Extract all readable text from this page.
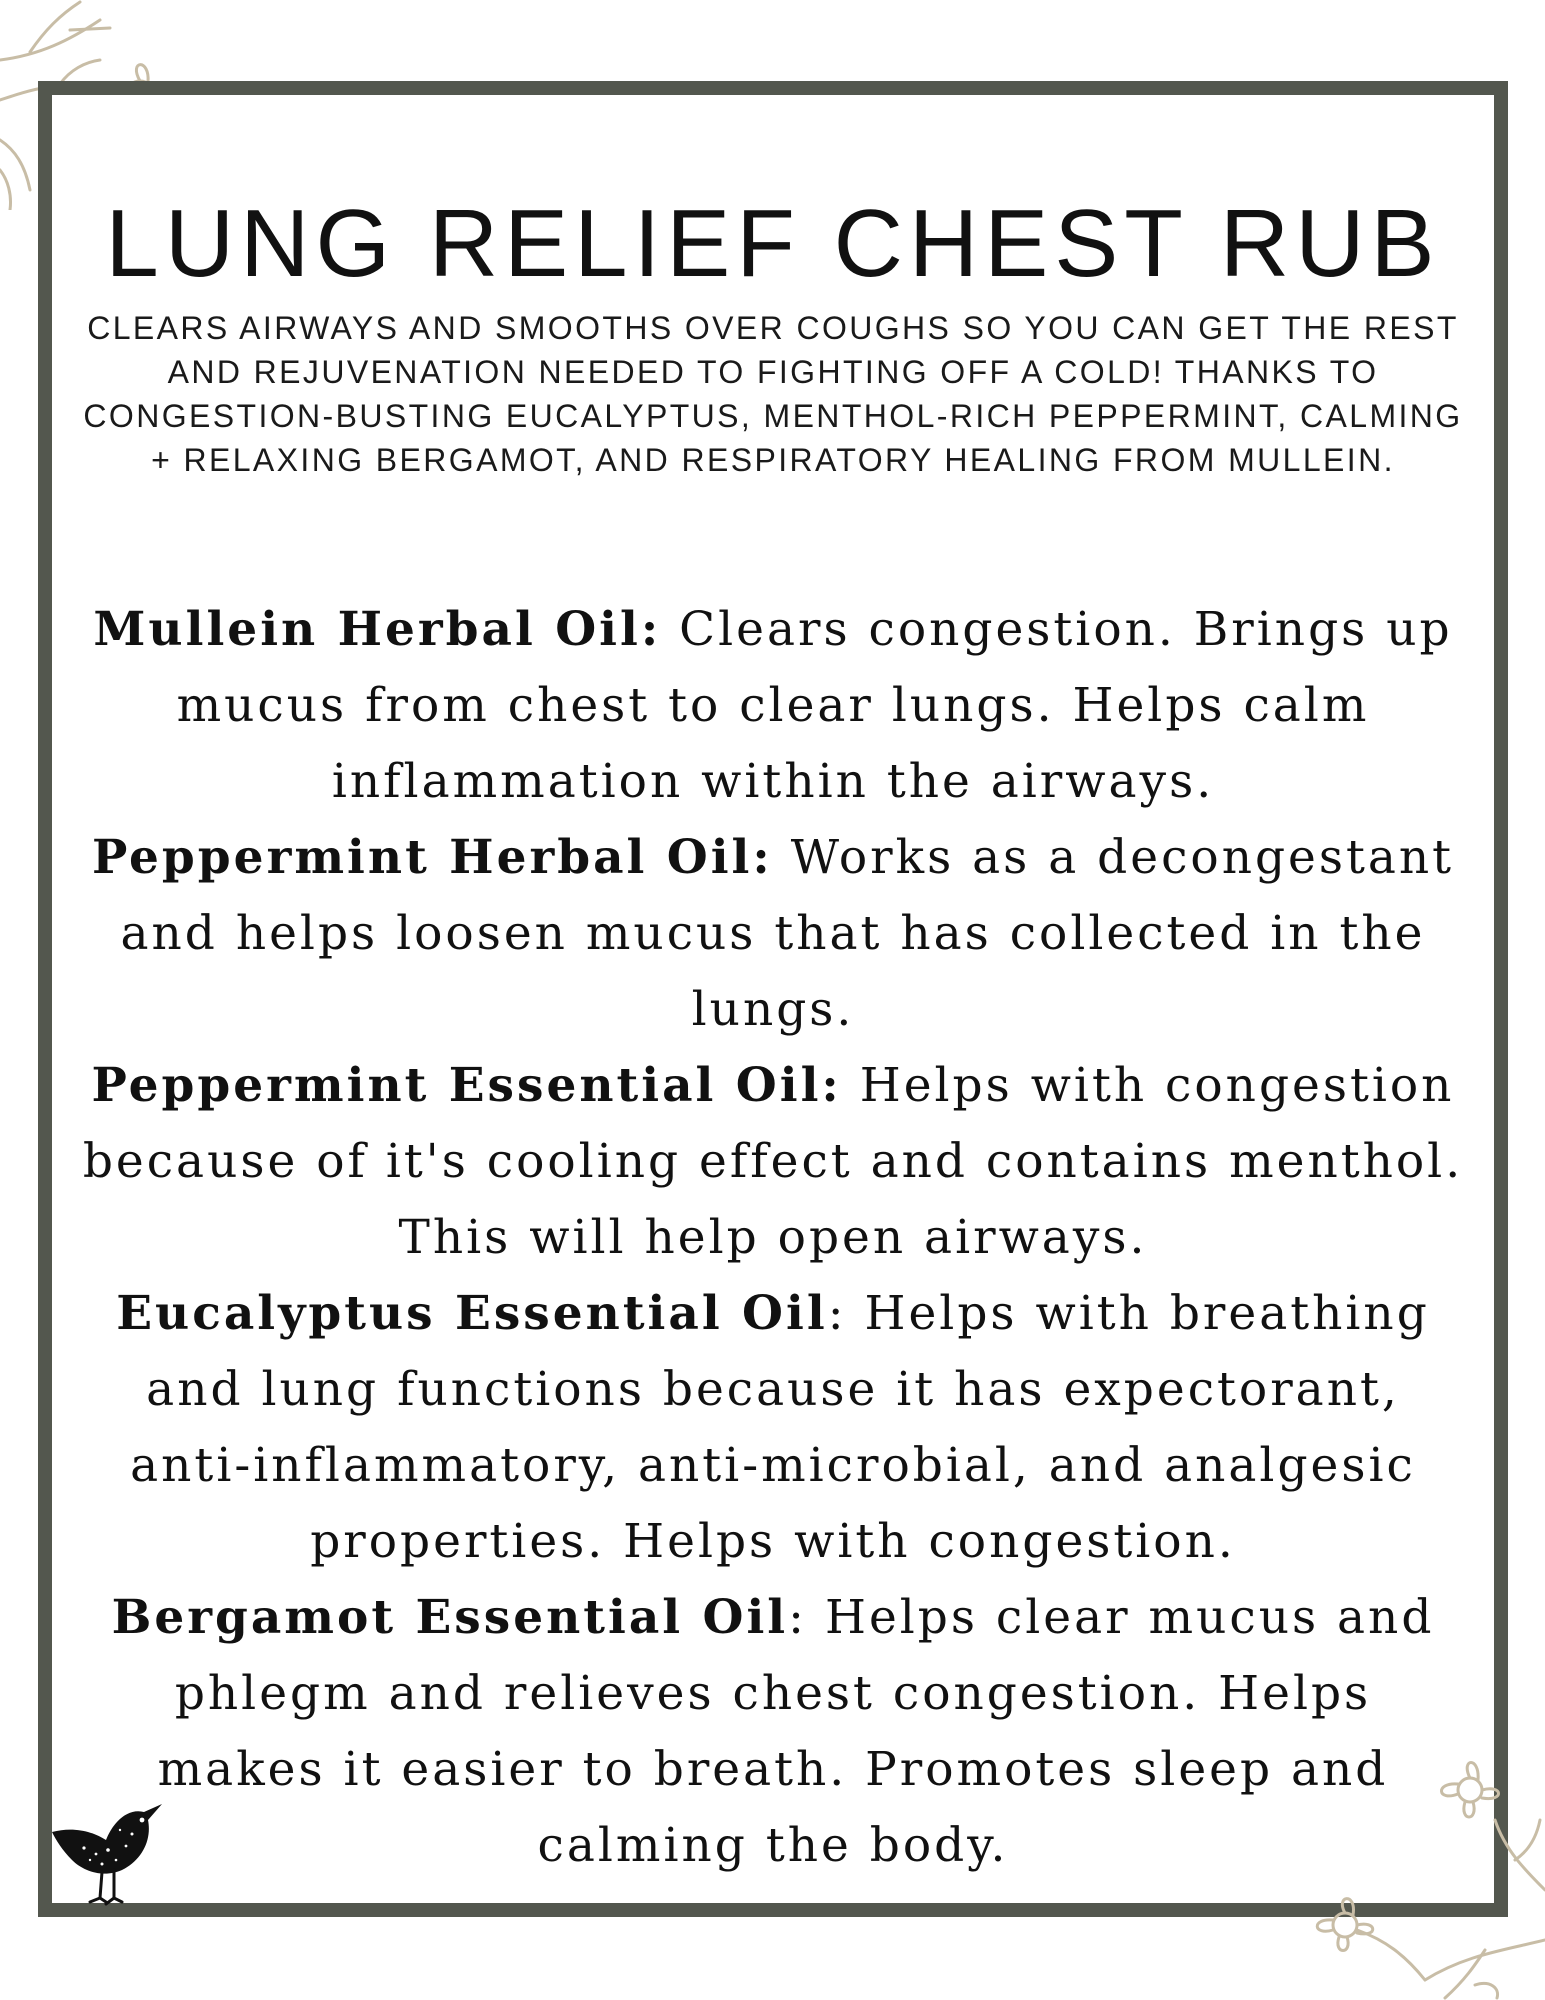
LUNG RELIEF CHEST RUB
CLEARS AIRWAYS AND SMOOTHS OVER COUGHS SO YOU CAN GET THE REST AND REJUVENATION NEEDED TO FIGHTING OFF A COLD! THANKS TO CONGESTION-BUSTING EUCALYPTUS, MENTHOL-RICH PEPPERMINT, CALMING + RELAXING BERGAMOT, AND RESPIRATORY HEALING FROM MULLEIN.
Mullein Herbal Oil: Clears congestion. Brings up mucus from chest to clear lungs. Helps calm inflammation within the airways.
Peppermint Herbal Oil: Works as a decongestant and helps loosen mucus that has collected in the lungs.
Peppermint Essential Oil: Helps with congestion because of it's cooling effect and contains menthol. This will help open airways.
Eucalyptus Essential Oil: Helps with breathing and lung functions because it has expectorant, anti-inflammatory, anti-microbial, and analgesic properties. Helps with congestion.
Bergamot Essential Oil: Helps clear mucus and phlegm and relieves chest congestion. Helps makes it easier to breath. Promotes sleep and calming the body.
